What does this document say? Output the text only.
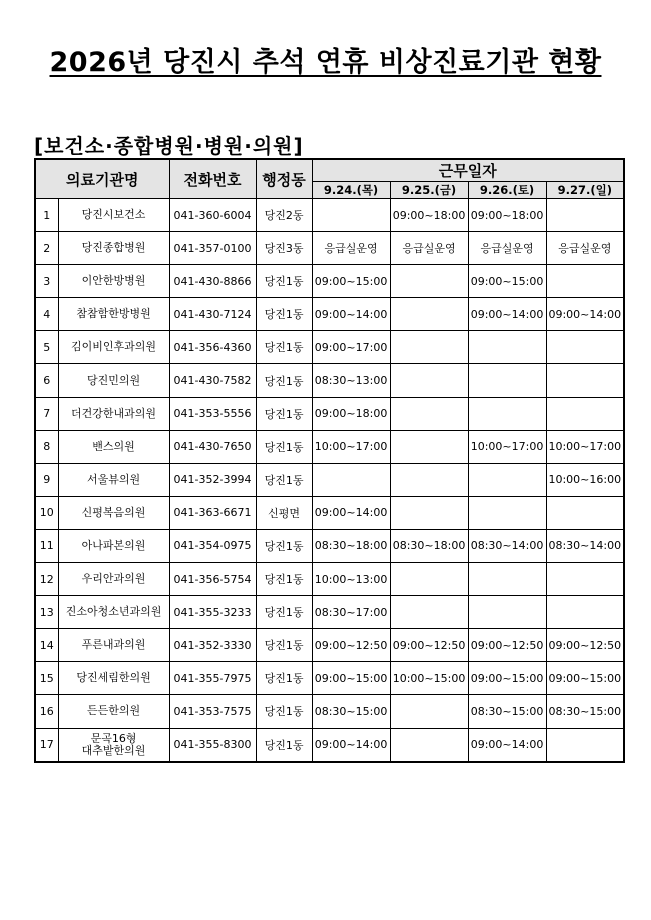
2026년 당진시 추석 연휴 비상진료기관 현황
[보건소·종합병원·병원·의원]
의료기관명		전화번호	행정동	근무일자			
				9.24.(목)	9.25.(금)	9.26.(토)	9.27.(일)
1	당진시보건소	041-360-6004	당진2동		09:00~18:00	09:00~18:00	
2	당진종합병원	041-357-0100	당진3동	응급실운영	응급실운영	응급실운영	응급실운영
3	이안한방병원	041-430-8866	당진1동	09:00~15:00		09:00~15:00	
4	참참함한방병원	041-430-7124	당진1동	09:00~14:00		09:00~14:00	09:00~14:00
5	김이비인후과의원	041-356-4360	당진1동	09:00~17:00			
6	당진민의원	041-430-7582	당진1동	08:30~13:00			
7	더건강한내과의원	041-353-5556	당진1동	09:00~18:00			
8	밴스의원	041-430-7650	당진1동	10:00~17:00		10:00~17:00	10:00~17:00
9	서울뷰의원	041-352-3994	당진1동				10:00~16:00
10	신평복음의원	041-363-6671	신평면	09:00~14:00			
11	아나파본의원	041-354-0975	당진1동	08:30~18:00	08:30~18:00	08:30~14:00	08:30~14:00
12	우리안과의원	041-356-5754	당진1동	10:00~13:00			
13	진소아청소년과의원	041-355-3233	당진1동	08:30~17:00			
14	푸른내과의원	041-352-3330	당진1동	09:00~12:50	09:00~12:50	09:00~12:50	09:00~12:50
15	당진세림한의원	041-355-7975	당진1동	09:00~15:00	10:00~15:00	09:00~15:00	09:00~15:00
16	든든한의원	041-353-7575	당진1동	08:30~15:00		08:30~15:00	08:30~15:00
17	문곡16형
대추밭한의원	041-355-8300	당진1동	09:00~14:00		09:00~14:00	
